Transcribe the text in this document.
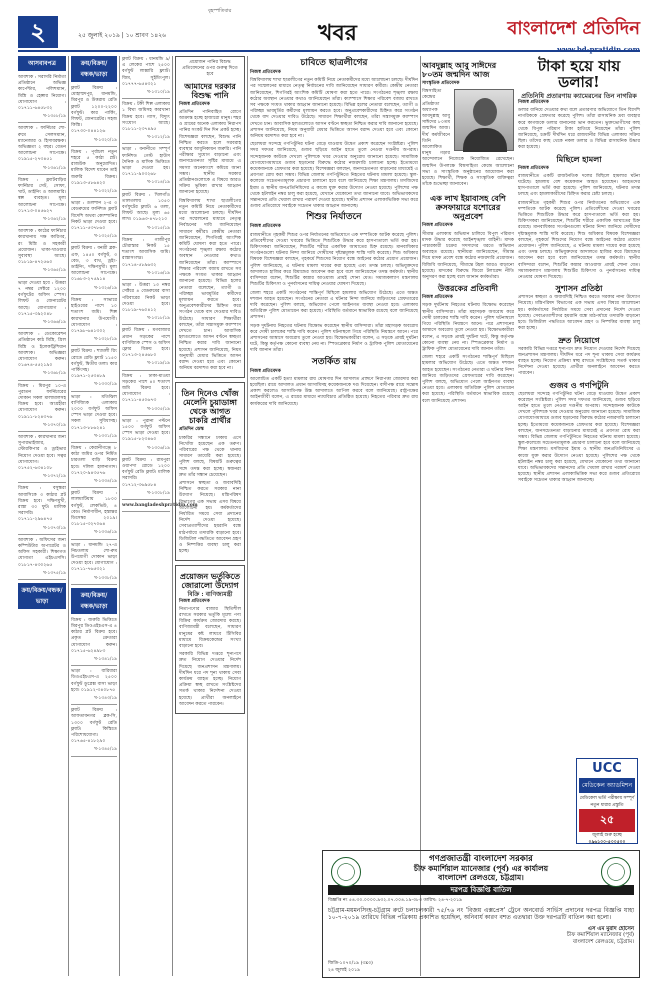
২
বৃহস্পতিবার
২৫ জুলাই ২০১৯ | ১০ শ্রাবণ ১৪২৬	খবর	বাংলাদেশ প্রতিদিন
www.bd-pratidin.com
আসবাবপত্র

আবশ্যক : সরাসরি নির্মাতা প্রতিষ্ঠানে অভিজ্ঞ কার্পেন্টার, পলিশম্যান, মিস্ত্রি ও হেল্পার নিয়োগ। যোগাযোগ : ০১৭১১-৬৪৫৮৩২

খ-১৩৫৮/১৯

আবশ্যক : ফার্নিচার শো-রুমে সেলসম্যান, ম্যানেজার ও হিসাবরক্ষক। অভিজ্ঞতা ২ বছর। বেতন আলোচনা সাপেক্ষে। ০১৯১৫-২৭৩৪৫১

খ-১৩৬১/১৯

বিক্রয় : ফ্ল্যাটবাড়ির ফার্নিচার সেট, সোফা, খাট, ডাইনিং ও আলমারি। স্বল্প ব্যবহৃত। মূল্য আলোচনা সাপেক্ষে। ০১৭১৩-০৪৫৬২৭

খ-১৩৬২/১৯

আবশ্যক : কাঠের ফার্নিচার কারখানায় দক্ষ কারিগর, রং মিস্ত্রি ও সহকারী প্রয়োজন। থাকা-খাওয়ার সুব্যবস্থা আছে। ০১৮১৯-৪৭২৫৬০

খ-১৩৬৫/১৯

ভাড়া দেওয়া হবে : উত্তরা ৭ নম্বর সেক্টরে ১২০০ বর্গফুটের অফিস স্পেস। লিফট ও জেনারেটর আছে। যোগাযোগ : ০১৭১৫-৩৯২০৪৮

খ-১৩৬৬/১৯

আবশ্যক : ডেকোরেশন প্রতিষ্ঠানে কাঠ মিস্ত্রি, গ্রিল মিস্ত্রি ও ইলেকট্রিশিয়ান আবশ্যক। অভিজ্ঞরা যোগাযোগ করুন। ০১৬৭৪-৫৫২১৯০

খ-১৩৬৮/১৯

বিক্রয় : মিরপুর ১০-এ পুরাতন ফার্নিচারের দোকান সকল মালামালসহ বিক্রয় হবে। আগ্রহীরা যোগাযোগ করুন। ০১৯১১-৮২৪৩৭৬

খ-১৩৭০/১৯

আবশ্যক : কারখানার জন্য সুপারভাইজার, স্টোরকিপার ও ড্রাইভার নিয়োগ দেওয়া হবে। সত্বর যোগাযোগ। ০১৭৫২-৬৩৪১০৮

খ-১৩৭২/১৯

বিক্রয় : বসুন্ধরা আবাসিকে ৩ কাঠার প্লট বিক্রয় হবে। দক্ষিণমুখী, রাস্তা ৩০ ফুট। মালিক সরাসরি। ০১৭১১-২৯৬৪৭৫

খ-১৩৭৩/১৯

আবশ্যক : অফিসের জন্য কম্পিউটার অপারেটর ও অফিস সহকারী। শিক্ষাগত যোগ্যতা এইচএসসি। ০১৮১৭-৪৩০২৬৫

খ-১৩৭৫/১৯
ক্রয়/বিক্রয়/বন্ধক/ভাড়া
ক্রয়/বিক্রয়/বন্ধক/ভাড়া

ফ্ল্যাট বিক্রয় : মোহাম্মদপুর, ধানমন্ডি, মিরপুর ও উত্তরায় রেডি ফ্ল্যাট ১২০০-২২০০ বর্গফুট। কার পার্কিং, লিফট, জেনারেটর। সহজ কিস্তি। ০১৭৩০-০৪৪১২৬

খ-১৩২০/১৯

বিক্রয় : পূর্বাচল নতুন শহরে ৫ কাঠা প্লট। রাজউক অনুমোদিত। মালিক বিদেশ যাবেন তাই জরুরি বিক্রয়। ০১৯১৩-৫৮৬৪২০

খ-১৩২২/১৯

ভাড়া : গুলশান ২-এ ৩ বেডরুমের ফার্নিশড ফ্ল্যাট বিদেশি অথবা কোম্পানির নিকট ভাড়া দেওয়া হবে। ০১৭১১-৫৩৭৮৬০

খ-১৩২৫/১৯

ফ্ল্যাট বিক্রয় : বনশ্রী ব্লক-এফ, ১৪৫০ বর্গফুট, ৩ বেড, ৩ বাথ, ড্রইং-ডাইনিং, দক্ষিণমুখী। মূল্য আলোচনা সাপেক্ষে। ০১৬৮৩-২৭৫৯১৪

খ-১৩২৬/১৯

বিক্রয় : সাভারে হাইওয়ের পাশে ১০ শতাংশ জমি। শিল্প কারখানার উপযোগী। যোগাযোগ : ০১৭৯৮-৬৪১৩০২

খ-১৩২৮/১৯

ফ্ল্যাট বিক্রয় : শ্যামলী রিং রোডে রেডি ফ্ল্যাট ১১৫০ বর্গফুট, দ্বিতীয় তলা। কার পার্কিংসহ। ০১৯৭১-২৫৩৪৮৯

খ-১৩৩০/১৯

ভাড়া : মতিঝিল বাণিজ্যিক এলাকায় ২০০০ বর্গফুট অফিস স্পেস ভাড়া দেওয়া হবে। সকল সুবিধাসহ। ০১৭১৩-৮৮৬২৪১

খ-১৩৩১/১৯

বিক্রয় : কেরানীগঞ্জে ৮ কাঠা জমির ওপর নির্মিত চারতলা বাড়ি বিক্রয় হবে। দলিল হালনাগাদ। ০১৭২০-৯৪৩৫৭৬

খ-১৩৩৪/১৯

ফ্ল্যাট বিক্রয় : লালমাটিয়ায় ১৮০০ বর্গফুট, লেকভিউ, ৪ বেড। নির্মাণাধীন, হস্তান্তর ডিসেম্বর ২০১৯। ০১৮১৫-৩২৭০৬৪

খ-১৩৩৬/১৯

ভাড়া : ধানমন্ডি ২৭-এ নিচতলায় শো-রুম উপযোগী দোকান ভাড়া দেওয়া হবে। যোগাযোগ : ০১৭১১-৭৬৫৩২১

খ-১৩৩৮/১৯
ক্রয়/বিক্রয়/বন্ধক/ভাড়া

বিক্রয় : জরুরি ভিত্তিতে মিরপুর ডিওএইচএস-এ ৪ কাঠার প্লট বিক্রয় হবে। প্রকৃত ক্রেতারা যোগাযোগ করুন। ০১৭১৫-৬২৪৯৮৩

খ-১৩৪১/১৯

ভাড়া : বারিধারা ডিওএইচএস-এ ২৫০০ বর্গফুট ডুপ্লেক্স বাসা ভাড়া হবে। ০১৯১২-৩৪০৮৭৫

খ-১৩৪৩/১৯

ফ্ল্যাট বিক্রয় : আফতাবনগর ব্লক-সি, ১৩০০ বর্গফুট রেডি ফ্ল্যাট। কিস্তিতে পরিশোধযোগ্য। ০১৭৬৫-৪১৮২৯০

খ-১৩৪৫/১৯

ফ্ল্যাট বিক্রয় : ধানমন্ডি ৯/এ লেকের পাশে ২৫০০ বর্গফুট লাক্সারি ফ্ল্যাট। জিম, সুইমিংপুল। ০১৭৭৭-৬৫৪৩২১

খ-১৩১০/১৯

বিক্রয় : টঙ্গী শিল্প এলাকায় ১ বিঘা জমিসহ কারখানা বিক্রয় হবে। গ্যাস, বিদ্যুৎ সংযোগ আছে। ০১৮১১-২৩৭৪৯৫

খ-১৩১২/১৯

ভাড়া : বনানীতে সম্পূর্ণ ফার্নিশড গেস্ট হাউস দৈনিক ও মাসিক ভিত্তিতে ভাড়া দেওয়া হয়। ০১৭১১-৯০৩২৬৮

খ-১৩১৪/১৯

ফ্ল্যাট বিক্রয় : খিলগাঁও তালতলায় ১০৫০ বর্গফুটের ফ্ল্যাট। ৬ তলা, লিফট আছে। মূল্য ৬৫ লাখ। ০১৯৬৩-৪৭৮২১০

খ-১৩১৫/১৯

বিক্রয় : গাজীপুর চৌরাস্তার নিকট ১৫ শতাংশ আবাসিক জমি। রাস্তাসংলগ্ন। ০১৭১৪-৫৮৯৬৩২

খ-১৩১৬/১৯

ভাড়া : উত্তরা ১৩ নম্বর সেক্টরে ৪ বেডরুমের বাসা পরিবারের নিকট ভাড়া দেওয়া হবে। ০১৮১৯-৭৬০৪১২

খ-১৩১৮/১৯

ফ্ল্যাট বিক্রয় : মগবাজার প্রধান সড়কের পাশে বাণিজ্যিক স্পেস ও অফিস ফ্লোর বিক্রয় হবে। ০১৭১৩-২৪৫৬৮০

খ-১৩১৯/১৯

বিক্রয় : ঢাকা-মাওয়া সড়কের পাশে ৪০ শতাংশ জমি বিক্রয় হবে। যোগাযোগ : ০১৭১১-৪৫০৬৭৩

খ-১৩০৫/১৯

ভাড়া : পুরানা পল্টনে ১৫০০ বর্গফুট অফিস স্পেস ভাড়া দেওয়া হবে। ০১৯১৫-৮২৩৪৬০

খ-১৩০৬/১৯

ফ্ল্যাট বিক্রয় : রামপুরা ওয়াপদা রোডে ১২০০ বর্গফুট রেডি ফ্ল্যাট। মালিক সরাসরি। ০১৭১২-৩৬৯৫৮৪

খ-১৩০৮/১৯
www.bangladeshpratidin.com
প্রয়োজন পানির বিশুদ্ধ প্রতিবেদনের ওপর গুরুত্ব দিতে হবে
আমাদের দরকার বিশুদ্ধ পানি
নিজস্ব প্রতিবেদক

প্রতিদিন পানিবাহিত রোগে আক্রান্ত হচ্ছে হাজারো মানুষ। শহর ও গ্রামের অনেক এলাকায় নিরাপদ পানির সংকট দিন দিন প্রকট হচ্ছে। বিশেষজ্ঞরা বলছেন, বিশুদ্ধ পানি নিশ্চিত করতে হলে সরবরাহ ব্যবস্থার আধুনিকায়ন জরুরি। পানি পরীক্ষার সুযোগ বাড়ানো এবং জনসচেতনতা সৃষ্টির মাধ্যমে এ সমস্যা অনেকাংশে কমিয়ে আনা সম্ভব। স্থানীয় সরকার প্রতিষ্ঠানগুলোকে এ বিষয়ে আরও সক্রিয় ভূমিকা রাখার আহ্বান জানানো হয়েছে।

বিশ্ববিদ্যালয় শাখা ছাত্রলীগের নতুন কমিটি নিয়ে নেতাকর্মীদের মধ্যে আলোচনা চলছে। দীর্ঘদিন পর সম্মেলনের মাধ্যমে নেতৃত্ব নির্বাচনের দাবি জানিয়েছেন সাধারণ কর্মীরা। কেন্দ্রীয় নেতারা জানিয়েছেন, শিগগিরই আংশিক কমিটি ঘোষণা করা হতে পারে। সংগঠনের শৃঙ্খলা রক্ষায় কঠোর অবস্থান নেওয়ার কথাও জানিয়েছেন তাঁরা। ক্যাম্পাসে শিক্ষার পরিবেশ বজায় রাখতে সব পক্ষকে সংযত থাকার আহ্বান জানানো হয়েছে। বিভিন্ন হলের নেতারা বলেছেন, ত্যাগী ও পরিচ্ছন্ন ভাবমূর্তির কর্মীদের মূল্যায়ন করতে হবে। অনুপ্রবেশকারীদের চিহ্নিত করে সংগঠন থেকে বাদ দেওয়ার দাবিও উঠেছে। সাধারণ শিক্ষার্থীরা বলছেন, তাঁরা সন্ত্রাসমুক্ত ক্যাম্পাস দেখতে চান। আবাসিক হলগুলোতে আসন বণ্টনে স্বচ্ছতা নিশ্চিত করার দাবি জানানো হয়েছে। প্রশাসন জানিয়েছে, নিয়ম অনুযায়ী মেধার ভিত্তিতে আসন বরাদ্দ দেওয়া হবে এবং কোনো অনিয়ম বরদাশত করা হবে না।

তিন দিনেও খোঁজ মেলেনি চুয়াডাঙ্গা থেকে আগত চাকরি প্রার্থীর
প্রতিদিন ডেস্ক

চাকরির সন্ধানে ঢাকায় এসে নিখোঁজ হয়েছেন এক তরুণ। পরিবারের পক্ষ থেকে থানায় সাধারণ ডায়েরি করা হয়েছে। পুলিশ বলছে, বিষয়টি গুরুত্বের সঙ্গে তদন্ত করা হচ্ছে। স্বজনরা দ্রুত তাঁর সন্ধান চেয়েছেন।

প্রশাসনে স্বচ্ছতা ও জবাবদিহি নিশ্চিত করতে সরকার নানা উদ্যোগ নিয়েছে। মন্ত্রিপরিষদ বিভাগের এক সভায় এসব বিষয়ে আলোচনা হয়। কর্মকর্তাদের নির্ধারিত সময়ে সেবা প্রদানের নির্দেশ দেওয়া হয়েছে। সেবাপ্রত্যাশীদের হয়রানি বন্ধে মাঠপর্যায়ে তদারকি বাড়ানো হবে। ডিজিটাল পদ্ধতিতে আবেদন গ্রহণ ও নিষ্পত্তির ব্যবস্থা চালু করা হচ্ছে।

প্রয়োজন ভর্তুকিতে জোরালো উদ্যোগ
বিক্রি : বাণিজ্যমন্ত্রী
নিজস্ব প্রতিবেদক

নিত্যপণ্যের বাজার স্থিতিশীল রাখতে সরকার ভর্তুকি মূল্যে পণ্য বিক্রির কার্যক্রম জোরদার করছে। বাণিজ্যমন্ত্রী বলেছেন, সাধারণ মানুষের কষ্ট লাঘবে টিসিবির মাধ্যমে বিক্রয়কেন্দ্রের সংখ্যা বাড়ানো হবে।

সরকারি বিভিন্ন দপ্তরে শূন্যপদে দ্রুত নিয়োগ দেওয়ার নির্দেশ দিয়েছে জনপ্রশাসন মন্ত্রণালয়। দীর্ঘদিন ধরে পদ শূন্য থাকায় সেবা কার্যক্রম ব্যাহত হচ্ছে। নিয়োগ প্রক্রিয়া স্বচ্ছ রাখতে সংশ্লিষ্টদের সতর্ক থাকার নির্দেশনা দেওয়া হয়েছে। প্রার্থীরা অনলাইনে আবেদন করতে পারবেন।

চাবিতে ছাত্রলীগের
নিজস্ব প্রতিবেদক

বিশ্ববিদ্যালয় শাখা ছাত্রলীগের নতুন কমিটি নিয়ে নেতাকর্মীদের মধ্যে আলোচনা চলছে। দীর্ঘদিন পর সম্মেলনের মাধ্যমে নেতৃত্ব নির্বাচনের দাবি জানিয়েছেন সাধারণ কর্মীরা। কেন্দ্রীয় নেতারা জানিয়েছেন, শিগগিরই আংশিক কমিটি ঘোষণা করা হতে পারে। সংগঠনের শৃঙ্খলা রক্ষায় কঠোর অবস্থান নেওয়ার কথাও জানিয়েছেন তাঁরা। ক্যাম্পাসে শিক্ষার পরিবেশ বজায় রাখতে সব পক্ষকে সংযত থাকার আহ্বান জানানো হয়েছে। বিভিন্ন হলের নেতারা বলেছেন, ত্যাগী ও পরিচ্ছন্ন ভাবমূর্তির কর্মীদের মূল্যায়ন করতে হবে। অনুপ্রবেশকারীদের চিহ্নিত করে সংগঠন থেকে বাদ দেওয়ার দাবিও উঠেছে। সাধারণ শিক্ষার্থীরা বলছেন, তাঁরা সন্ত্রাসমুক্ত ক্যাম্পাস দেখতে চান। আবাসিক হলগুলোতে আসন বণ্টনে স্বচ্ছতা নিশ্চিত করার দাবি জানানো হয়েছে। প্রশাসন জানিয়েছে, নিয়ম অনুযায়ী মেধার ভিত্তিতে আসন বরাদ্দ দেওয়া হবে এবং কোনো অনিয়ম বরদাশত করা হবে না।

ছেলেধরা সন্দেহে গণপিটুনির ঘটনা বেড়ে যাওয়ায় উদ্বেগ প্রকাশ করেছেন সংশ্লিষ্টরা। পুলিশ সদর দফতর জানিয়েছে, গুজব ছড়িয়ে আইন হাতে তুলে নেওয়া দণ্ডনীয় অপরাধ। সন্দেহজনক কাউকে দেখলে পুলিশকে খবর দেওয়ার অনুরোধ জানানো হয়েছে। সামাজিক যোগাযোগমাধ্যমে গুজব ছড়ানোর বিরুদ্ধে কঠোর নজরদারি চালানো হচ্ছে। ইতোমধ্যে কয়েকজনকে গ্রেফতার করা হয়েছে। বিশেষজ্ঞরা বলছেন, জনসচেতনতা বাড়ানোর মাধ্যমেই এ প্রবণতা রোধ করা সম্ভব। বিভিন্ন জেলায় গণপিটুনিতে নিহতের ঘটনায় মামলা হয়েছে। স্কুল-কলেজে সচেতনতামূলক প্রচারণা চালানো হবে বলে জানিয়েছে শিক্ষা মন্ত্রণালয়। মসজিদের ইমাম ও স্থানীয় জনপ্রতিনিধিদের এ কাজে যুক্ত করার উদ্যোগ নেওয়া হয়েছে। পুলিশের পক্ষ থেকে হটলাইন নম্বর চালু করা হয়েছে, যেখানে যেকোনো তথ্য জানানো যাবে। অভিভাবকদের সন্তানদের প্রতি খেয়াল রাখার পরামর্শ দেওয়া হয়েছে। স্থানীয় প্রশাসন এলাকাভিত্তিক সভা করে গুজব প্রতিরোধে সবাইকে সচেতন থাকার আহ্বান জানাচ্ছে।

শিশুর নির্যাতনে
নিজস্ব প্রতিবেদক

রাজধানীতে গৃহকর্মী শিশুর ওপর নির্যাতনের অভিযোগে এক দম্পতিকে আটক করেছে পুলিশ। প্রতিবেশীদের দেওয়া খবরের ভিত্তিতে শিশুটিকে উদ্ধার করে হাসপাতালে ভর্তি করা হয়। চিকিৎসকরা জানিয়েছেন, শিশুটির শরীরে একাধিক আঘাতের চিহ্ন রয়েছে। মানবাধিকার সংগঠনগুলো ঘটনার নিন্দা জানিয়ে দোষীদের দৃষ্টান্তমূলক শাস্তি দাবি করেছে। শিশু অধিকার বিষয়ক বিশেষজ্ঞরা বলছেন, গৃহকর্মে শিশুদের নিয়োগ বন্ধে আইনের কঠোর প্রয়োগ প্রয়োজন। পুলিশ জানিয়েছে, এ ঘটনায় মামলা দায়ের করা হয়েছে এবং তদন্ত চলছে। অভিযুক্তদের আদালতে হাজির করে রিমান্ডের আবেদন করা হবে বলে জানিয়েছেন তদন্ত কর্মকর্তা। স্থানীয় বাসিন্দারা বলেন, শিশুটির কান্নার আওয়াজ প্রায়ই শোনা যেত। সমাজকল্যাণ মন্ত্রণালয় শিশুটির চিকিৎসা ও পুনর্বাসনের দায়িত্ব নেওয়ার ঘোষণা দিয়েছে।

জেলা শহরে একটি সংগঠনের শান্তিপূর্ণ মিছিলে হামলার অভিযোগ উঠেছে। এতে অন্তত দশজন আহত হয়েছেন। সংগঠনের নেতারা এ ঘটনার নিন্দা জানিয়ে জড়িতদের গ্রেফতারের দাবি করেছেন। পুলিশ বলছে, অভিযোগ পেলে আইনগত ব্যবস্থা নেওয়া হবে। এলাকায় অতিরিক্ত পুলিশ মোতায়েন করা হয়েছে। পরিস্থিতি বর্তমানে স্বাভাবিক রয়েছে বলে জানিয়েছে প্রশাসন।

সড়ক দুর্ঘটনায় নিহতের ঘটনায় বিক্ষোভ করেছেন স্থানীয় বাসিন্দারা। তাঁরা মহাসড়ক অবরোধ করে দোষী চালকের শাস্তি দাবি করেন। পুলিশ ঘটনাস্থলে গিয়ে পরিস্থিতি নিয়ন্ত্রণে আনে। পরে প্রশাসনের আশ্বাসে অবরোধ তুলে নেওয়া হয়। বিক্ষোভকারীরা বলেন, এ সড়কে প্রায়ই দুর্ঘটনা ঘটে, কিন্তু কর্তৃপক্ষ কোনো ব্যবস্থা নেয় না। স্পিডব্রেকার নির্মাণ ও ট্রাফিক পুলিশ মোতায়েনের দাবি জানান তাঁরা।

সতর্কিত রায়
নিজস্ব প্রতিবেদক

আলোচিত একটি হত্যা মামলার রায় ঘোষণার দিন আদালত প্রাঙ্গণে নিরাপত্তা জোরদার করা হয়েছিল। রায়ে আদালত প্রধান আসামিসহ কয়েকজনকে দণ্ড দিয়েছেন। বাদীপক্ষ রায়ে সন্তোষ প্রকাশ করলেও আসামিপক্ষ উচ্চ আদালতে আপিল করবে বলে জানিয়েছে। রাষ্ট্রপক্ষের আইনজীবী বলেন, এ রায়ের মাধ্যমে ন্যায়বিচার প্রতিষ্ঠিত হয়েছে। নিহতের পরিবার দ্রুত রায় কার্যকরের দাবি জানিয়েছে।

আবদুল্লাহ আবু সাঈদের ৮০তম জন্মদিন আজ
সাংস্কৃতিক প্রতিবেদক

বিশ্বসাহিত্য কেন্দ্রের প্রতিষ্ঠাতা অধ্যাপক আবদুল্লাহ আবু সাঈদের ৮০তম জন্মদিন আজ। দীর্ঘ কর্মজীবনে তিনি আলোকিত মানুষ গড়ার আন্দোলনে নিজেকে নিয়োজিত রেখেছেন। জন্মদিন উপলক্ষে বিশ্বসাহিত্য কেন্দ্রে আলোচনা সভা ও সাংস্কৃতিক অনুষ্ঠানের আয়োজন করা হয়েছে। শিক্ষার্থী, শিক্ষক ও সাংস্কৃতিক ব্যক্তিত্বরা তাঁকে শুভেচ্ছা জানাবেন।

এক লাখ ইয়াবাসহ বেশি ক্রসফায়ারে যশোরের অনুপ্রবেশ
নিজস্ব প্রতিবেদক

সীমান্ত এলাকায় অভিযান চালিয়ে বিপুল পরিমাণ মাদক উদ্ধার করেছে আইনশৃঙ্খলা বাহিনী। মাদক পাচারকারী চক্রের সদস্যদের ধরতে অভিযান অব্যাহত রয়েছে। স্থানীয়রা জানিয়েছেন, সীমান্ত দিয়ে মাদক প্রবেশ বন্ধে কঠোর নজরদারি প্রয়োজন। বিজিবি জানিয়েছে, সীমান্তে টহল আরও বাড়ানো হয়েছে। মাদকের বিরুদ্ধে জিরো টলারেন্স নীতি অনুসরণ করা হচ্ছে বলে জানান কর্মকর্তারা।

উত্তরকের প্রতিবাদী
নিজস্ব প্রতিবেদক

সড়ক দুর্ঘটনায় নিহতের ঘটনায় বিক্ষোভ করেছেন স্থানীয় বাসিন্দারা। তাঁরা মহাসড়ক অবরোধ করে দোষী চালকের শাস্তি দাবি করেন। পুলিশ ঘটনাস্থলে গিয়ে পরিস্থিতি নিয়ন্ত্রণে আনে। পরে প্রশাসনের আশ্বাসে অবরোধ তুলে নেওয়া হয়। বিক্ষোভকারীরা বলেন, এ সড়কে প্রায়ই দুর্ঘটনা ঘটে, কিন্তু কর্তৃপক্ষ কোনো ব্যবস্থা নেয় না। স্পিডব্রেকার নির্মাণ ও ট্রাফিক পুলিশ মোতায়েনের দাবি জানান তাঁরা।

জেলা শহরে একটি সংগঠনের শান্তিপূর্ণ মিছিলে হামলার অভিযোগ উঠেছে। এতে অন্তত দশজন আহত হয়েছেন। সংগঠনের নেতারা এ ঘটনার নিন্দা জানিয়ে জড়িতদের গ্রেফতারের দাবি করেছেন। পুলিশ বলছে, অভিযোগ পেলে আইনগত ব্যবস্থা নেওয়া হবে। এলাকায় অতিরিক্ত পুলিশ মোতায়েন করা হয়েছে। পরিস্থিতি বর্তমানে স্বাভাবিক রয়েছে বলে জানিয়েছে প্রশাসন।

টাকা হয়ে যায় ডলার!
প্রতিনিধি প্রতারণায় ক্যামেরনের তিন নাগরিক
নিজস্ব প্রতিবেদক

ডলার বানিয়ে দেওয়ার কথা বলে প্রতারণার অভিযোগে তিন বিদেশি নাগরিককে গ্রেফতার করেছে পুলিশ। তাঁরা রাসায়নিক দ্রব্য ব্যবহার করে কাগজকে ডলার বানানোর ভান করতেন। ভুক্তভোগীদের কাছ থেকে বিপুল পরিমাণ টাকা হাতিয়ে নিয়েছেন তাঁরা। পুলিশ জানিয়েছে, চক্রটি দীর্ঘদিন ধরে রাজধানীর বিভিন্ন এলাকায় সক্রিয় ছিল। তাঁদের কাছ থেকে নকল ডলার ও বিভিন্ন রাসায়নিক উদ্ধার করা হয়েছে।

মিছিলে হামলা
নিজস্ব প্রতিবেদক

রাজধানীতে একটি রাজনৈতিক দলের মিছিলে হামলার ঘটনা ঘটেছে। হামলায় বেশ কয়েকজন আহত হয়েছেন। আহতদের হাসপাতালে ভর্তি করা হয়েছে। পুলিশ জানিয়েছে, ঘটনার তদন্ত চলছে এবং হামলাকারীদের চিহ্নিত করার চেষ্টা চলছে।

রাজধানীতে গৃহকর্মী শিশুর ওপর নির্যাতনের অভিযোগে এক দম্পতিকে আটক করেছে পুলিশ। প্রতিবেশীদের দেওয়া খবরের ভিত্তিতে শিশুটিকে উদ্ধার করে হাসপাতালে ভর্তি করা হয়। চিকিৎসকরা জানিয়েছেন, শিশুটির শরীরে একাধিক আঘাতের চিহ্ন রয়েছে। মানবাধিকার সংগঠনগুলো ঘটনার নিন্দা জানিয়ে দোষীদের দৃষ্টান্তমূলক শাস্তি দাবি করেছে। শিশু অধিকার বিষয়ক বিশেষজ্ঞরা বলছেন, গৃহকর্মে শিশুদের নিয়োগ বন্ধে আইনের কঠোর প্রয়োগ প্রয়োজন। পুলিশ জানিয়েছে, এ ঘটনায় মামলা দায়ের করা হয়েছে এবং তদন্ত চলছে। অভিযুক্তদের আদালতে হাজির করে রিমান্ডের আবেদন করা হবে বলে জানিয়েছেন তদন্ত কর্মকর্তা। স্থানীয় বাসিন্দারা বলেন, শিশুটির কান্নার আওয়াজ প্রায়ই শোনা যেত। সমাজকল্যাণ মন্ত্রণালয় শিশুটির চিকিৎসা ও পুনর্বাসনের দায়িত্ব নেওয়ার ঘোষণা দিয়েছে।

সুশাসন প্রতিষ্ঠা

প্রশাসনে স্বচ্ছতা ও জবাবদিহি নিশ্চিত করতে সরকার নানা উদ্যোগ নিয়েছে। মন্ত্রিপরিষদ বিভাগের এক সভায় এসব বিষয়ে আলোচনা হয়। কর্মকর্তাদের নির্ধারিত সময়ে সেবা প্রদানের নির্দেশ দেওয়া হয়েছে। সেবাপ্রত্যাশীদের হয়রানি বন্ধে মাঠপর্যায়ে তদারকি বাড়ানো হবে। ডিজিটাল পদ্ধতিতে আবেদন গ্রহণ ও নিষ্পত্তির ব্যবস্থা চালু করা হচ্ছে।

দ্রুত নিয়োগে

সরকারি বিভিন্ন দপ্তরে শূন্যপদে দ্রুত নিয়োগ দেওয়ার নির্দেশ দিয়েছে জনপ্রশাসন মন্ত্রণালয়। দীর্ঘদিন ধরে পদ শূন্য থাকায় সেবা কার্যক্রম ব্যাহত হচ্ছে। নিয়োগ প্রক্রিয়া স্বচ্ছ রাখতে সংশ্লিষ্টদের সতর্ক থাকার নির্দেশনা দেওয়া হয়েছে। প্রার্থীরা অনলাইনে আবেদন করতে পারবেন।

গুজব ও গণপিটুনি

ছেলেধরা সন্দেহে গণপিটুনির ঘটনা বেড়ে যাওয়ায় উদ্বেগ প্রকাশ করেছেন সংশ্লিষ্টরা। পুলিশ সদর দফতর জানিয়েছে, গুজব ছড়িয়ে আইন হাতে তুলে নেওয়া দণ্ডনীয় অপরাধ। সন্দেহজনক কাউকে দেখলে পুলিশকে খবর দেওয়ার অনুরোধ জানানো হয়েছে। সামাজিক যোগাযোগমাধ্যমে গুজব ছড়ানোর বিরুদ্ধে কঠোর নজরদারি চালানো হচ্ছে। ইতোমধ্যে কয়েকজনকে গ্রেফতার করা হয়েছে। বিশেষজ্ঞরা বলছেন, জনসচেতনতা বাড়ানোর মাধ্যমেই এ প্রবণতা রোধ করা সম্ভব। বিভিন্ন জেলায় গণপিটুনিতে নিহতের ঘটনায় মামলা হয়েছে। স্কুল-কলেজে সচেতনতামূলক প্রচারণা চালানো হবে বলে জানিয়েছে শিক্ষা মন্ত্রণালয়। মসজিদের ইমাম ও স্থানীয় জনপ্রতিনিধিদের এ কাজে যুক্ত করার উদ্যোগ নেওয়া হয়েছে। পুলিশের পক্ষ থেকে হটলাইন নম্বর চালু করা হয়েছে, যেখানে যেকোনো তথ্য জানানো যাবে। অভিভাবকদের সন্তানদের প্রতি খেয়াল রাখার পরামর্শ দেওয়া হয়েছে। স্থানীয় প্রশাসন এলাকাভিত্তিক সভা করে গুজব প্রতিরোধে সবাইকে সচেতন থাকার আহ্বান জানাচ্ছে।

UCC
মেডিকেল অ্যাডমিশন
মেডিকেল ভর্তি পরীক্ষায় সম্পূর্ণ নতুন ধারার প্রস্তুতি
২৫
জুলাই শুরু হচ্ছে
০৯৬১০০-৫০০৫০০
গণপ্রজাতন্ত্রী বাংলাদেশ সরকার
চীফ কমার্শিয়াল ম্যানেজার (পূর্ব) এর কার্যালয়
বাংলাদেশ রেলওয়ে, চট্টগ্রাম।
দরপত্র বিজ্ঞপ্তি বাতিল
বিজ্ঞপ্তি নং ৫৪.৩০.০০০০.৯৩২.০৭.০০৪.১৯-৩৮৩ তারিখ: ২৪-৭-২০১৯

চট্টগ্রাম-ময়মনসিংহ-চট্টগ্রাম রুটে চলাচলকারী ৭৫/৭৬ নং 'বিজয় এক্সপ্রেস' ট্রেনে অনবোর্ড সার্ভিস প্রদানের দরপত্র বিজ্ঞপ্তি যাহা ১০-৭-২০১৯ তারিখে বিভিন্ন পত্রিকায় প্রকাশিত হয়েছিল, অনিবার্য কারণ বশত এতদ্বারা উক্ত দরপত্রটি বাতিল করা হলো।

এস এম মুরাদ হোসেন
চীফ কমার্শিয়াল ম্যানেজার (পূর্ব)
বাংলাদেশ রেলওয়ে, চট্টগ্রাম।
জিডি-১০৭০/১৯ (৩x৩)
২৪ জুলাই ২০১৯
